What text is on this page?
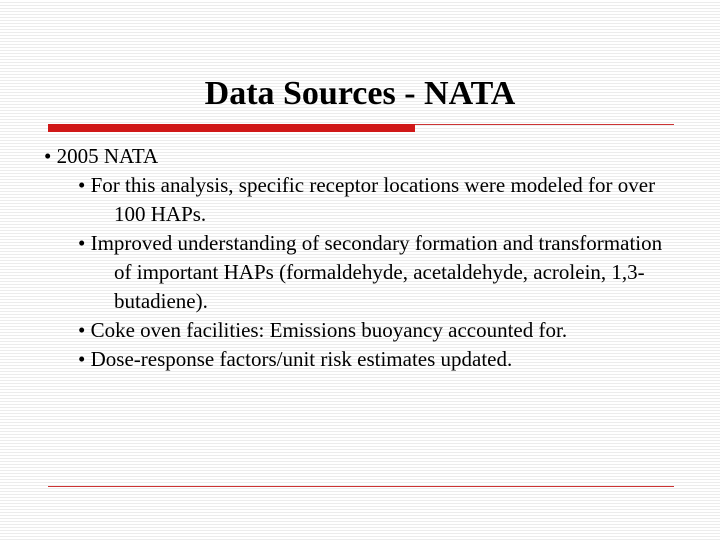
Data Sources - NATA
• 2005 NATA
• For this analysis, specific receptor locations were modeled for over 100 HAPs.
• Improved understanding of secondary formation and transformation of important HAPs (formaldehyde, acetaldehyde, acrolein, 1,3-butadiene).
• Coke oven facilities: Emissions buoyancy accounted for.
• Dose-response factors/unit risk estimates updated.
